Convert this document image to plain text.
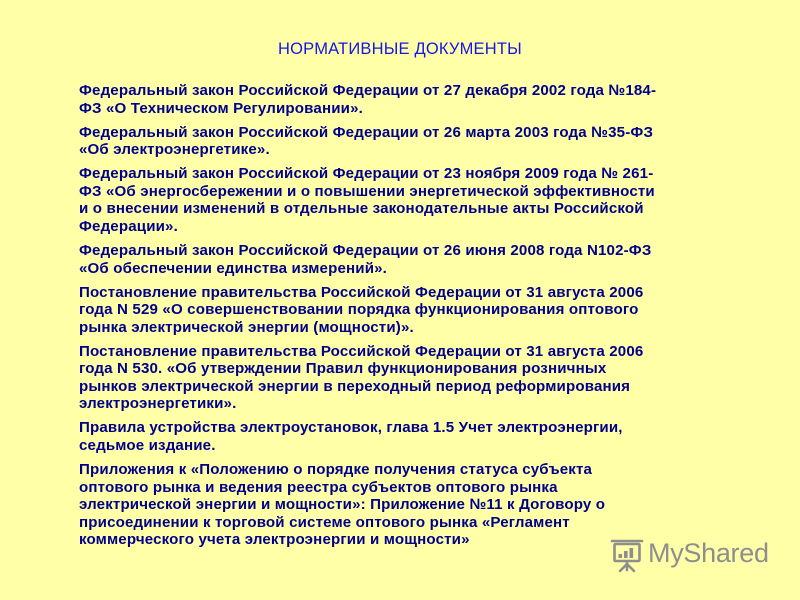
НОРМАТИВНЫЕ ДОКУМЕНТЫ
Федеральный закон Российской Федерации от 27 декабря 2002 года №184-
ФЗ «О Техническом Регулировании».
Федеральный закон Российской Федерации от 26 марта 2003 года №35-ФЗ
«Об электроэнергетике».
Федеральный закон Российской Федерации от 23 ноября 2009 года № 261-
ФЗ «Об энергосбережении и о повышении энергетической эффективности
и о внесении изменений в отдельные законодательные акты Российской
Федерации».
Федеральный закон Российской Федерации от 26 июня 2008 года N102-ФЗ
«Об обеспечении единства измерений».
Постановление правительства Российской Федерации от 31 августа 2006
года N 529 «О совершенствовании порядка функционирования оптового
рынка электрической энергии (мощности)».
Постановление правительства Российской Федерации от 31 августа 2006
года N 530. «Об утверждении Правил функционирования розничных
рынков электрической энергии в переходный период реформирования
электроэнергетики».
Правила устройства электроустановок, глава 1.5 Учет электроэнергии,
седьмое издание.
Приложения к «Положению о порядке получения статуса субъекта
оптового рынка и ведения реестра субъектов оптового рынка
электрической энергии и мощности»: Приложение №11 к Договору о
присоединении к торговой системе оптового рынка «Регламент
коммерческого учета электроэнергии и мощности»	MyShared
